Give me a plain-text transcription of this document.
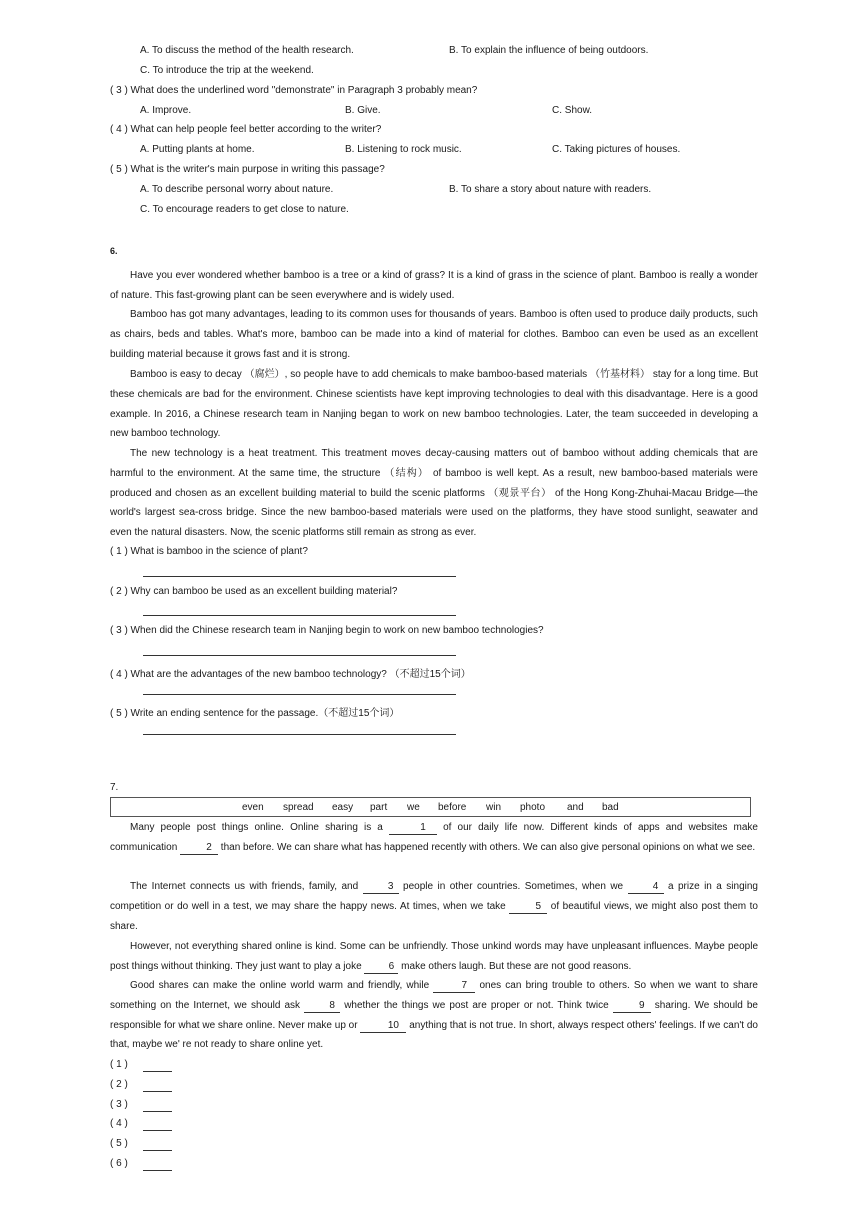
A. To discuss the method of the health research.	B. To explain the influence of being outdoors.
C. To introduce the trip at the weekend.
( 3 ) What does the underlined word "demonstrate" in Paragraph 3 probably mean?
A. Improve.	B. Give.	C. Show.
( 4 ) What can help people feel better according to the writer?
A. Putting plants at home.	B. Listening to rock music.	C. Taking pictures of houses.
( 5 ) What is the writer's main purpose in writing this passage?
A. To describe personal worry about nature.	B. To share a story about nature with readers.
C. To encourage readers to get close to nature.
6.
Have you ever wondered whether bamboo is a tree or a kind of grass? It is a kind of grass in the science of plant. Bamboo is really a wonder of nature. This fast-growing plant can be seen everywhere and is widely used.
Bamboo has got many advantages, leading to its common uses for thousands of years. Bamboo is often used to produce daily products, such as chairs, beds and tables. What's more, bamboo can be made into a kind of material for clothes. Bamboo can even be used as an excellent building material because it grows fast and it is strong.
Bamboo is easy to decay （腐烂）, so people have to add chemicals to make bamboo-based materials （竹基材料） stay for a long time. But these chemicals are bad for the environment. Chinese scientists have kept improving technologies to deal with this disadvantage. Here is a good example. In 2016, a Chinese research team in Nanjing began to work on new bamboo technologies. Later, the team succeeded in developing a new bamboo technology.
The new technology is a heat treatment. This treatment moves decay-causing matters out of bamboo without adding chemicals that are harmful to the environment. At the same time, the structure （结构） of bamboo is well kept. As a result, new bamboo-based materials were produced and chosen as an excellent building material to build the scenic platforms （观景平台） of the Hong Kong-Zhuhai-Macau Bridge—the world's largest sea-cross bridge. Since the new bamboo-based materials were used on the platforms, they have stood sunlight, seawater and even the natural disasters. Now, the scenic platforms still remain as strong as ever.
( 1 ) What is bamboo in the science of plant?
( 2 ) Why can bamboo be used as an excellent building material?
( 3 ) When did the Chinese research team in Nanjing begin to work on new bamboo technologies?
( 4 ) What are the advantages of the new bamboo technology? （不超过15个词）
( 5 ) Write an ending sentence for the passage.（不超过15个词）
7.
even spread easy part we before win photo and bad
Many people post things online. Online sharing is a	1 of our daily life now. Different kinds of apps and websites make communication	2 than before. We can share what has happened recently with others. We can also give personal opinions on what we see.
The Internet connects us with friends, family, and	3 people in other countries. Sometimes, when we	4 a prize in a singing competition or do well in a test, we may share the happy news. At times, when we take	5 of beautiful views, we might also post them to share.
However, not everything shared online is kind. Some can be unfriendly. Those unkind words may have unpleasant influences. Maybe people post things without thinking. They just want to play a joke 6 make others laugh. But these are not good reasons.
Good shares can make the online world warm and friendly, while	7 ones can bring trouble to others. So when we want to share something on the Internet, we should ask	8 whether the things we post are proper or not. Think twice	9 sharing. We should be responsible for what we share online. Never make up or	10 anything that is not true. In short, always respect others' feelings. If we can't do that, maybe we' re not ready to share online yet.
( 1 )
( 2 )
( 3 )
( 4 )
( 5 )
( 6 )
